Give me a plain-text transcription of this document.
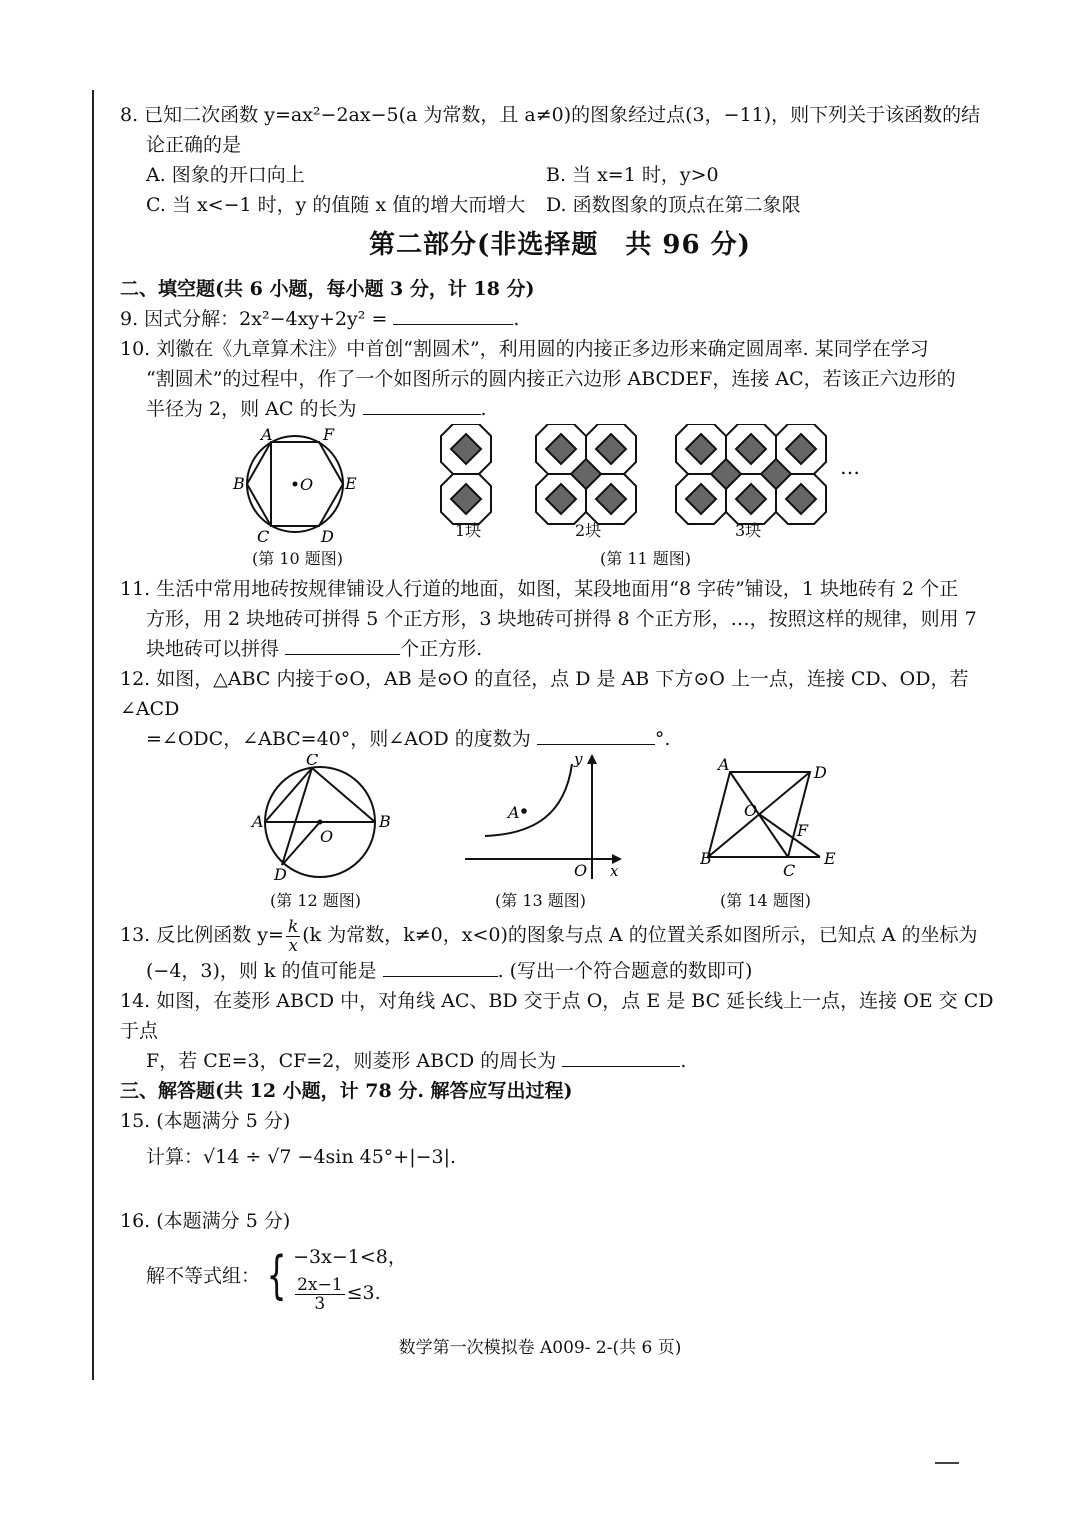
8. 已知二次函数 y=ax²−2ax−5(a 为常数，且 a≠0)的图象经过点(3，−11)，则下列关于该函数的结
论正确的是
A. 图象的开口向上	B. 当 x=1 时，y>0
C. 当 x<−1 时，y 的值随 x 值的增大而增大	D. 函数图象的顶点在第二象限
第二部分(非选择题　共 96 分)
二、填空题(共 6 小题，每小题 3 分，计 18 分)
9. 因式分解：2x²−4xy+2y² =	.
10. 刘徽在《九章算术注》中首创“割圆术”，利用圆的内接正多边形来确定圆周率. 某同学在学习
“割圆术”的过程中，作了一个如图所示的圆内接正六边形 ABCDEF，连接 AC，若该正六边形的
半径为 2，则 AC 的长为	.
A	F
B	O E
C	D
(第 10 题图)
1块	2块	3块
…
(第 11 题图)
11. 生活中常用地砖按规律铺设人行道的地面，如图，某段地面用“8 字砖”铺设，1 块地砖有 2 个正
方形，用 2 块地砖可拼得 5 个正方形，3 块地砖可拼得 8 个正方形，…，按照这样的规律，则用 7
块地砖可以拼得	个正方形.
12. 如图，△ABC 内接于⊙O，AB 是⊙O 的直径，点 D 是 AB 下方⊙O 上一点，连接 CD、OD，若∠ACD
=∠ODC，∠ABC=40°，则∠AOD 的度数为	°.
C
A	B
O
D
(第 12 题图)
y
A
O x
(第 13 题图)
A	D
O
F
B
C
E
(第 14 题图)
13. 反比例函数 $y= \frac{k}{x} (k$ 为常数，k≠0，x<0)的图象与点 A 的位置关系如图所示，已知点 A 的坐标为
(−4，3)，则 k 的值可能是	. (写出一个符合题意的数即可)
14. 如图，在菱形 ABCD 中，对角线 AC、BD 交于点 O，点 E 是 BC 延长线上一点，连接 OE 交 CD 于点
F，若 CE=3，CF=2，则菱形 ABCD 的周长为	.
三、解答题(共 12 小题，计 78 分. 解答应写出过程)
15. (本题满分 5 分)
计算：√14 ÷ √7 −4sin 45°+|−3|.
16. (本题满分 5 分)
解不等式组： { −3x−1<8，
$\frac{2x-1}{3} \le 3$.
数学第一次模拟卷 A009- 2-(共 6 页)
